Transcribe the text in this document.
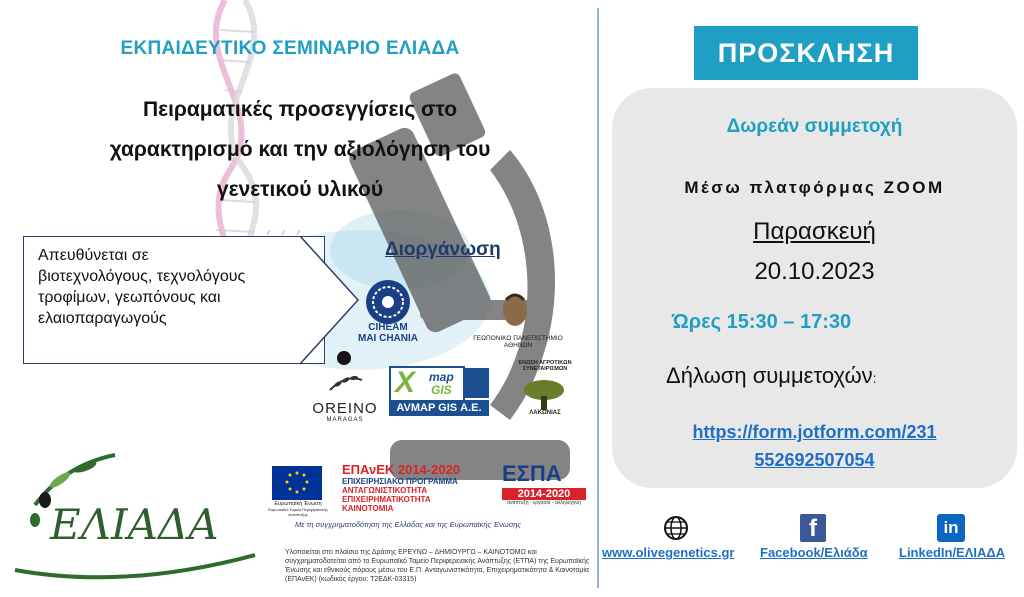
ΕΚΠΑΙΔΕΥΤΙΚΟ ΣΕΜΙΝΑΡΙΟ ΕΛΙΑΔΑ
Πειραματικές προσεγγίσεις στο
χαρακτηρισμό και την αξιολόγηση του
γενετικού υλικού
Απευθύνεται σε
βιοτεχνολόγους, τεχνολόγους
τροφίμων, γεωπόνους και
ελαιοπαραγωγούς
Διοργάνωση
CIHEAM
MAI CHANIA	ΓΕΩΠΟΝΙΚΟ ΠΑΝΕΠΙΣΤΗΜΙΟ ΑΘΗΝΩΝ
OREINO
MARAGAS
X map
GIS
AVMAP GIS Α.Ε.
ΕΝΩΣΗ ΑΓΡΟΤΙΚΩΝ ΣΥΝΕΤΑΙΡΙΣΜΩΝ
ΛΑΚΩΝΙΑΣ
Ευρωπαϊκή Ένωση
Ευρωπαϊκό Ταμείο Περιφερειακής Ανάπτυξης
ΕΠΑνΕΚ 2014-2020
ΕΠΙΧΕΙΡΗΣΙΑΚΟ ΠΡΟΓΡΑΜΜΑ
ΑΝΤΑΓΩΝΙΣΤΙΚΟΤΗΤΑ
ΕΠΙΧΕΙΡΗΜΑΤΙΚΟΤΗΤΑ
ΚΑΙΝΟΤΟΜΙΑ
ΕΣΠΑ
2014-2020
ανάπτυξη - εργασία - αλληλεγγύη
Με τη συγχρηματοδότηση της Ελλάδας και της Ευρωπαϊκής Ένωσης
Υλοποιείται στο πλαίσιο της Δράσης ΕΡΕΥΝΩ – ΔΗΜΙΟΥΡΓΩ – ΚΑΙΝΟΤΟΜΩ και συγχρηματοδοτείται από το Ευρωπαϊκό Ταμείο Περιφερειακής Ανάπτυξης (ΕΤΠΑ) της Ευρωπαϊκής Ένωσης και εθνικούς πόρους μέσω του Ε.Π. Ανταγωνιστικότητα, Επιχειρηματικότητα & Καινοτομία (ΕΠΑνΕΚ) (κωδικός έργου: Τ2ΕΔΚ-03315)
ΕΛΙΑΔΑ
ΠΡΟΣΚΛΗΣΗ
Δωρεάν συμμετοχή
Μέσω πλατφόρμας ZOOM
Παρασκευή
20.10.2023
Ώρες 15:30 – 17:30
Δήλωση συμμετοχών:
https://form.jotform.com/231
552692507054
f	in
www.olivegenetics.gr Facebook/Ελιάδα LinkedIn/ΕΛΙΑΔΑ
